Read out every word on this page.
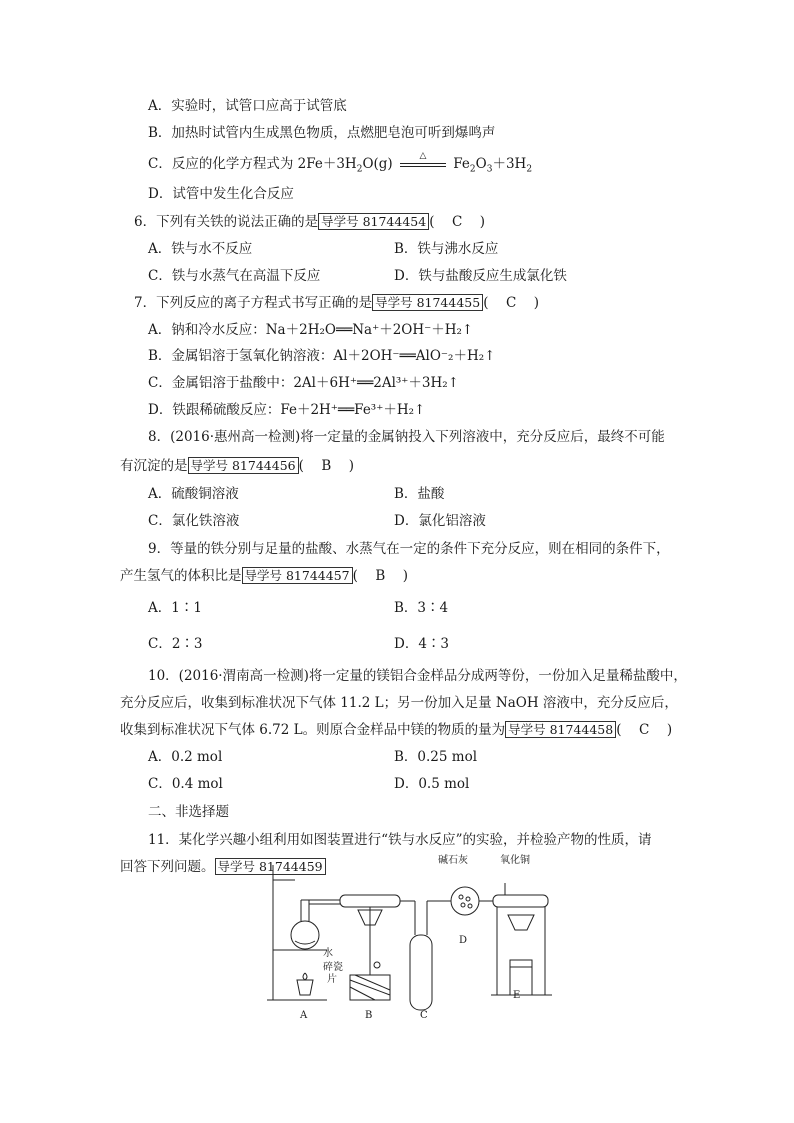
A．实验时，试管口应高于试管底
B．加热时试管内生成黑色物质，点燃肥皂泡可听到爆鸣声
C．反应的化学方程式为 $2Fe+3H_2O(g)$
△
$Fe_2O_3+3H_2$
D．试管中发生化合反应
6．下列有关铁的说法正确的是 导学号 81744454 (　C　)
A．铁与水不反应	B．铁与沸水反应
C．铁与水蒸气在高温下反应	D．铁与盐酸反应生成氯化铁
7．下列反应的离子方程式书写正确的是 导学号 81744455 (　C　)
A．钠和冷水反应：Na＋2H₂O══Na⁺＋2OH⁻＋H₂↑
B．金属铝溶于氢氧化钠溶液：Al＋2OH⁻══AlO⁻₂＋H₂↑
C．金属铝溶于盐酸中：2Al＋6H⁺══2Al³⁺＋3H₂↑
D．铁跟稀硫酸反应：Fe＋2H⁺══Fe³⁺＋H₂↑
8．(2016·惠州高一检测)将一定量的金属钠投入下列溶液中，充分反应后，最终不可能
有沉淀的是 导学号 81744456 (　B　)
A．硫酸铜溶液	B．盐酸
C．氯化铁溶液	D．氯化铝溶液
9．等量的铁分别与足量的盐酸、水蒸气在一定的条件下充分反应，则在相同的条件下，
产生氢气的体积比是 导学号 81744457 (　B　)
A．1∶1	B．3∶4
C．2∶3	D．4∶3
10．(2016·渭南高一检测)将一定量的镁铝合金样品分成两等份，一份加入足量稀盐酸中，
充分反应后，收集到标准状况下气体 11.2 L；另一份加入足量 NaOH 溶液中，充分反应后，
收集到标准状况下气体 6.72 L。则原合金样品中镁的物质的量为 导学号 81744458 (　C　)
A．0.2 mol	B．0.25 mol
C．0.4 mol	D．0.5 mol
二、非选择题
11．某化学兴趣小组利用如图装置进行“铁与水反应”的实验，并检验产物的性质，请
回答下列问题。 导学号 81744459	碱石灰	氧化铜
水
碎瓷
片
A	B	C
D
E
